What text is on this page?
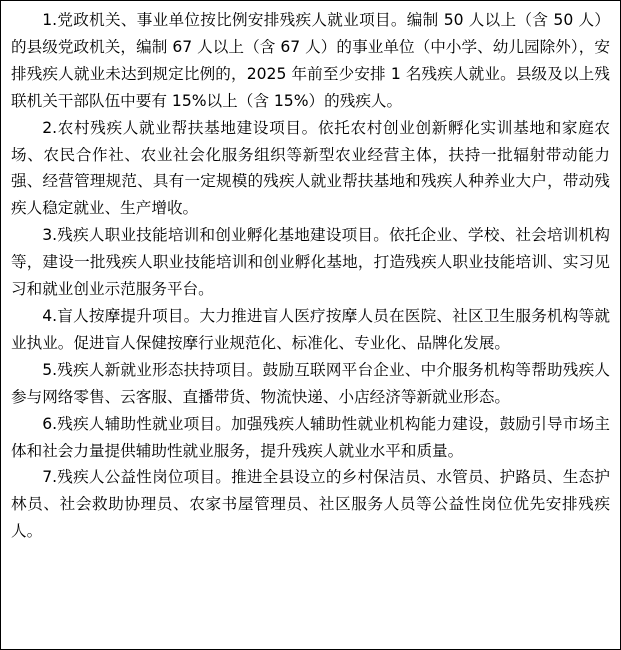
1.党政机关、事业单位按比例安排残疾人就业项目。编制 50 人以上（含 50 人）的县级党政机关，编制 67 人以上（含 67 人）的事业单位（中小学、幼儿园除外），安排残疾人就业未达到规定比例的，2025 年前至少安排 1 名残疾人就业。县级及以上残联机关干部队伍中要有 15%以上（含 15%）的残疾人。

2.农村残疾人就业帮扶基地建设项目。依托农村创业创新孵化实训基地和家庭农场、农民合作社、农业社会化服务组织等新型农业经营主体，扶持一批辐射带动能力强、经营管理规范、具有一定规模的残疾人就业帮扶基地和残疾人种养业大户，带动残疾人稳定就业、生产增收。

3.残疾人职业技能培训和创业孵化基地建设项目。依托企业、学校、社会培训机构等，建设一批残疾人职业技能培训和创业孵化基地，打造残疾人职业技能培训、实习见习和就业创业示范服务平台。

4.盲人按摩提升项目。大力推进盲人医疗按摩人员在医院、社区卫生服务机构等就业执业。促进盲人保健按摩行业规范化、标准化、专业化、品牌化发展。

5.残疾人新就业形态扶持项目。鼓励互联网平台企业、中介服务机构等帮助残疾人参与网络零售、云客服、直播带货、物流快递、小店经济等新就业形态。

6.残疾人辅助性就业项目。加强残疾人辅助性就业机构能力建设，鼓励引导市场主体和社会力量提供辅助性就业服务，提升残疾人就业水平和质量。

7.残疾人公益性岗位项目。推进全县设立的乡村保洁员、水管员、护路员、生态护林员、社会救助协理员、农家书屋管理员、社区服务人员等公益性岗位优先安排残疾人。
